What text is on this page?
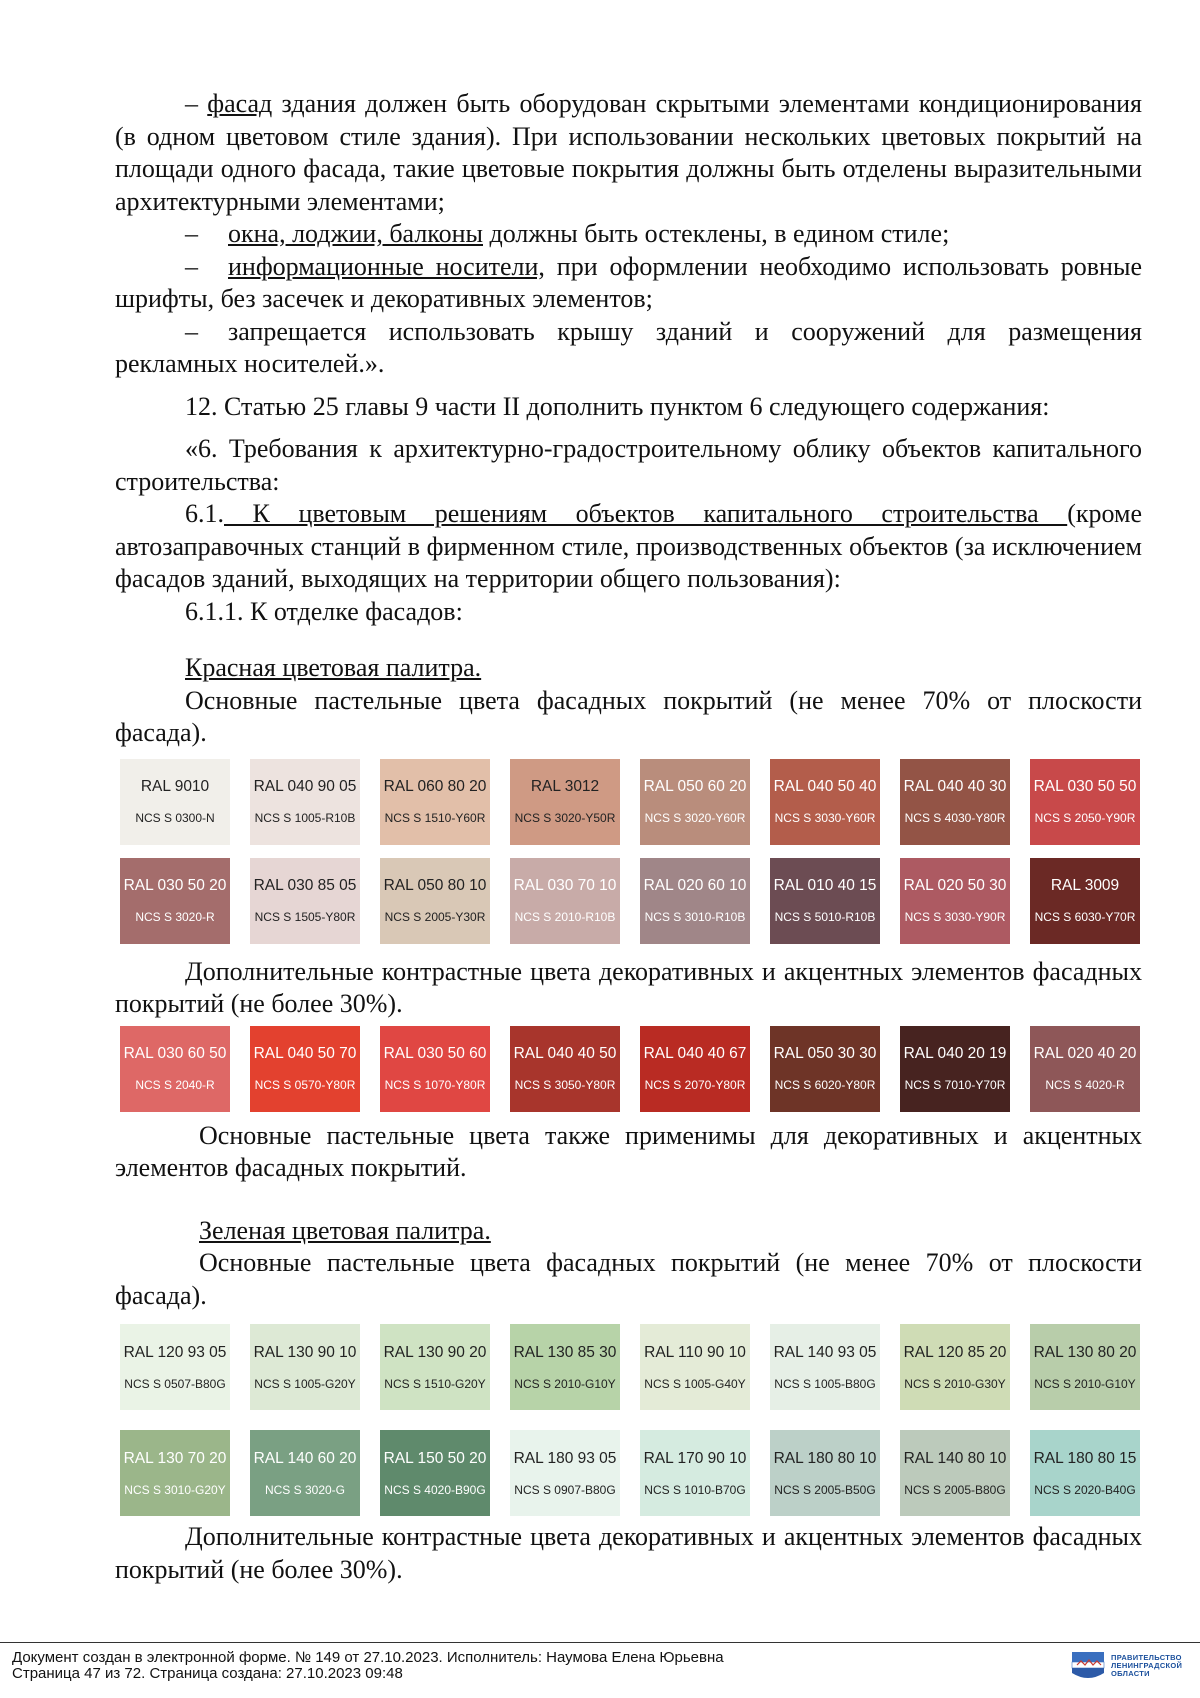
– фасад здания должен быть оборудован скрытыми элементами кондиционирования (в одном цветовом стиле здания). При использовании нескольких цветовых покрытий на площади одного фасада, такие цветовые покрытия должны быть отделены выразительными архитектурными элементами;

– окна, лоджии, балконы должны быть остеклены, в едином стиле;

– информационные носители, при оформлении необходимо использовать ровные шрифты, без засечек и декоративных элементов;

– запрещается использовать крышу зданий и сооружений для размещения рекламных носителей.».

12. Статью 25 главы 9 части II дополнить пунктом 6 следующего содержания:

«6. Требования к архитектурно-градостроительному облику объектов капитального строительства:

6.1. К цветовым решениям объектов капитального строительства (кроме автозаправочных станций в фирменном стиле, производственных объектов (за исключением фасадов зданий, выходящих на территории общего пользования):

6.1.1. К отделке фасадов:

Красная цветовая палитра.

Основные пастельные цвета фасадных покрытий (не менее 70% от плоскости фасада).

RAL 9010
NCS S 0300-N
RAL 040 90 05
NCS S 1005-R10B
RAL 060 80 20
NCS S 1510-Y60R
RAL 3012
NCS S 3020-Y50R
RAL 050 60 20
NCS S 3020-Y60R
RAL 040 50 40
NCS S 3030-Y60R
RAL 040 40 30
NCS S 4030-Y80R
RAL 030 50 50
NCS S 2050-Y90R
RAL 030 50 20
NCS S 3020-R
RAL 030 85 05
NCS S 1505-Y80R
RAL 050 80 10
NCS S 2005-Y30R
RAL 030 70 10
NCS S 2010-R10B
RAL 020 60 10
NCS S 3010-R10B
RAL 010 40 15
NCS S 5010-R10B
RAL 020 50 30
NCS S 3030-Y90R
RAL 3009
NCS S 6030-Y70R

Дополнительные контрастные цвета декоративных и акцентных элементов фасадных покрытий (не более 30%).

RAL 030 60 50
NCS S 2040-R
RAL 040 50 70
NCS S 0570-Y80R
RAL 030 50 60
NCS S 1070-Y80R
RAL 040 40 50
NCS S 3050-Y80R
RAL 040 40 67
NCS S 2070-Y80R
RAL 050 30 30
NCS S 6020-Y80R
RAL 040 20 19
NCS S 7010-Y70R
RAL 020 40 20
NCS S 4020-R

Основные пастельные цвета также применимы для декоративных и акцентных элементов фасадных покрытий.

Зеленая цветовая палитра.

Основные пастельные цвета фасадных покрытий (не менее 70% от плоскости фасада).

RAL 120 93 05
NCS S 0507-B80G
RAL 130 90 10
NCS S 1005-G20Y
RAL 130 90 20
NCS S 1510-G20Y
RAL 130 85 30
NCS S 2010-G10Y
RAL 110 90 10
NCS S 1005-G40Y
RAL 140 93 05
NCS S 1005-B80G
RAL 120 85 20
NCS S 2010-G30Y
RAL 130 80 20
NCS S 2010-G10Y
RAL 130 70 20
NCS S 3010-G20Y
RAL 140 60 20
NCS S 3020-G
RAL 150 50 20
NCS S 4020-B90G
RAL 180 93 05
NCS S 0907-B80G
RAL 170 90 10
NCS S 1010-B70G
RAL 180 80 10
NCS S 2005-B50G
RAL 140 80 10
NCS S 2005-B80G
RAL 180 80 15
NCS S 2020-B40G

Дополнительные контрастные цвета декоративных и акцентных элементов фасадных покрытий (не более 30%).

Документ создан в электронной форме. № 149 от 27.10.2023. Исполнитель: Наумова Елена Юрьевна
Страница 47 из 72. Страница создана: 27.10.2023 09:48
ПРАВИТЕЛЬСТВО
ЛЕНИНГРАДСКОЙ
ОБЛАСТИ
